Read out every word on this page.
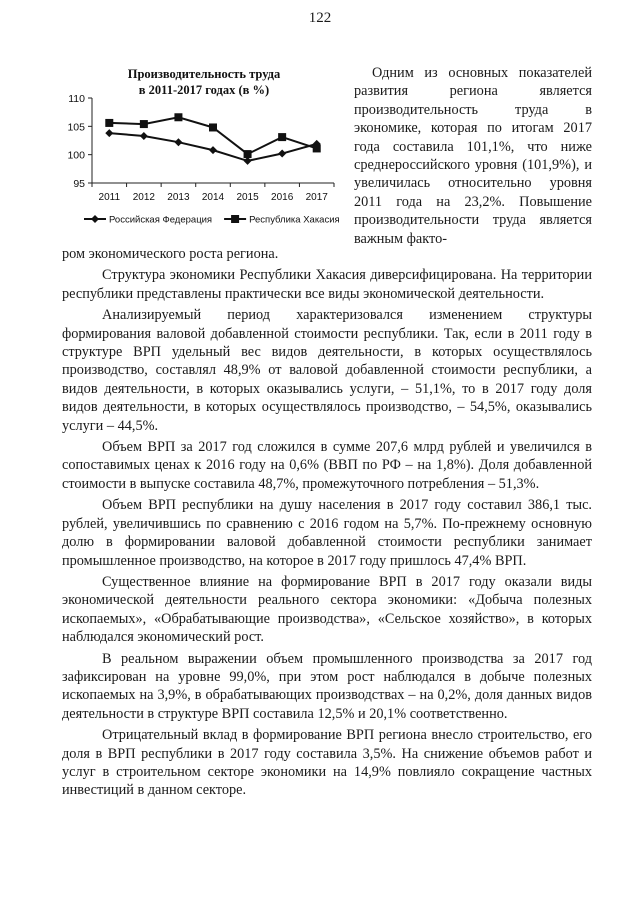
122
Производительность труда
в 2011-2017 годах (в %)
95
100
105
110
2011 2012 2013 2014 2015 2016 2017
Российская Федерация	Республика Хакасия

Одним из основных показателей развития региона является производительность труда в экономике, которая по итогам 2017 года составила 101,1%, что ниже среднероссийского уровня (101,9%), и увеличилась относительно уровня 2011 года на 23,2%. Повышение производительности труда является важным факто-

ром экономического роста региона.

Структура экономики Республики Хакасия диверсифицирована. На территории республики представлены практически все виды экономической деятельности.

Анализируемый период характеризовался изменением структуры формирования валовой добавленной стоимости республики. Так, если в 2011 году в структуре ВРП удельный вес видов деятельности, в которых осуществлялось производство, составлял 48,9% от валовой добавленной стоимости республики, а видов деятельности, в которых оказывались услуги, – 51,1%, то в 2017 году доля видов деятельности, в которых осуществлялось производство, – 54,5%, оказывались услуги – 44,5%.

Объем ВРП за 2017 год сложился в сумме 207,6 млрд рублей и увеличился в сопоставимых ценах к 2016 году на 0,6% (ВВП по РФ – на 1,8%). Доля добавленной стоимости в выпуске составила 48,7%, промежуточного потребления – 51,3%.

Объем ВРП республики на душу населения в 2017 году составил 386,1 тыс. рублей, увеличившись по сравнению с 2016 годом на 5,7%. По-прежнему основную долю в формировании валовой добавленной стоимости республики занимает промышленное производство, на которое в 2017 году пришлось 47,4% ВРП.

Существенное влияние на формирование ВРП в 2017 году оказали виды экономической деятельности реального сектора экономики: «Добыча полезных ископаемых», «Обрабатывающие производства», «Сельское хозяйство», в которых наблюдался экономический рост.

В реальном выражении объем промышленного производства за 2017 год зафиксирован на уровне 99,0%, при этом рост наблюдался в добыче полезных ископаемых на 3,9%, в обрабатывающих производствах – на 0,2%, доля данных видов деятельности в структуре ВРП составила 12,5% и 20,1% соответственно.

Отрицательный вклад в формирование ВРП региона внесло строительство, его доля в ВРП республики в 2017 году составила 3,5%. На снижение объемов работ и услуг в строительном секторе экономики на 14,9% повлияло сокращение частных инвестиций в данном секторе.
